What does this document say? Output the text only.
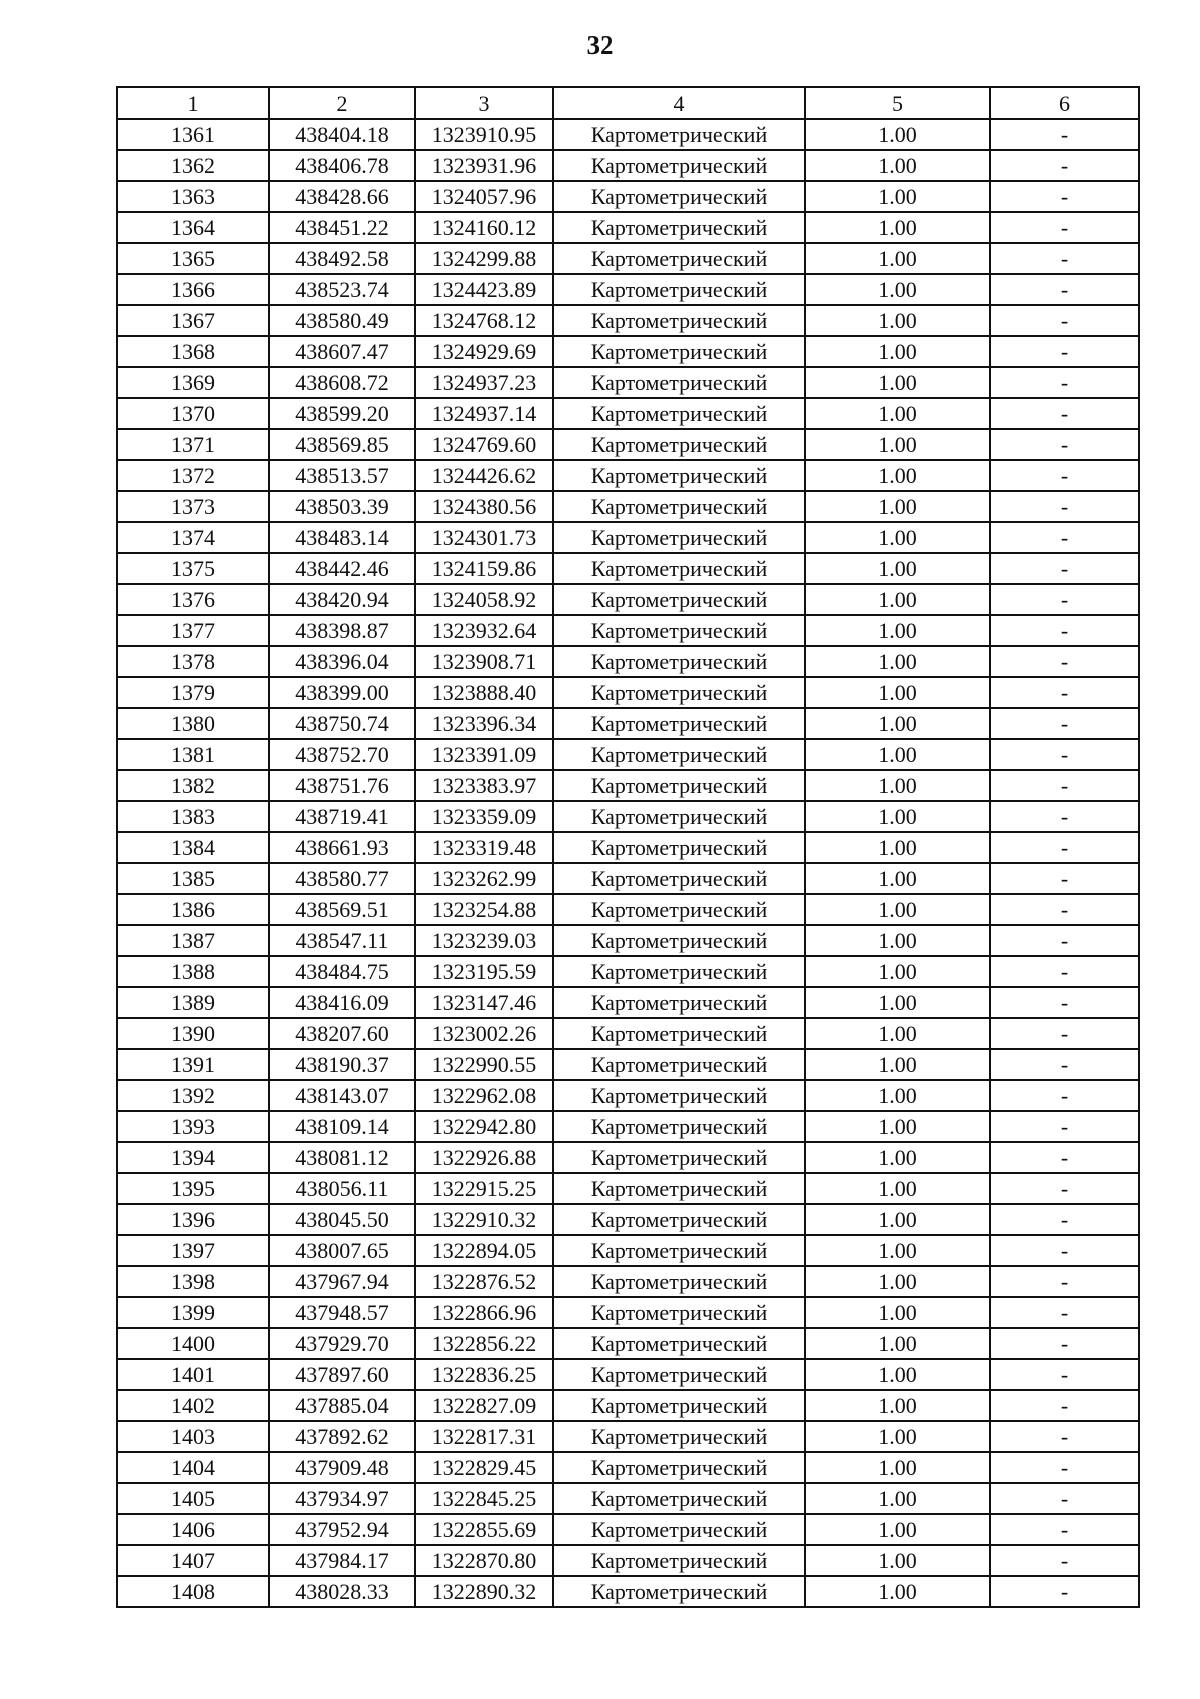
32
1	2	3	4	5	6
1361	438404.18	1323910.95	Картометрический	1.00	-
1362	438406.78	1323931.96	Картометрический	1.00	-
1363	438428.66	1324057.96	Картометрический	1.00	-
1364	438451.22	1324160.12	Картометрический	1.00	-
1365	438492.58	1324299.88	Картометрический	1.00	-
1366	438523.74	1324423.89	Картометрический	1.00	-
1367	438580.49	1324768.12	Картометрический	1.00	-
1368	438607.47	1324929.69	Картометрический	1.00	-
1369	438608.72	1324937.23	Картометрический	1.00	-
1370	438599.20	1324937.14	Картометрический	1.00	-
1371	438569.85	1324769.60	Картометрический	1.00	-
1372	438513.57	1324426.62	Картометрический	1.00	-
1373	438503.39	1324380.56	Картометрический	1.00	-
1374	438483.14	1324301.73	Картометрический	1.00	-
1375	438442.46	1324159.86	Картометрический	1.00	-
1376	438420.94	1324058.92	Картометрический	1.00	-
1377	438398.87	1323932.64	Картометрический	1.00	-
1378	438396.04	1323908.71	Картометрический	1.00	-
1379	438399.00	1323888.40	Картометрический	1.00	-
1380	438750.74	1323396.34	Картометрический	1.00	-
1381	438752.70	1323391.09	Картометрический	1.00	-
1382	438751.76	1323383.97	Картометрический	1.00	-
1383	438719.41	1323359.09	Картометрический	1.00	-
1384	438661.93	1323319.48	Картометрический	1.00	-
1385	438580.77	1323262.99	Картометрический	1.00	-
1386	438569.51	1323254.88	Картометрический	1.00	-
1387	438547.11	1323239.03	Картометрический	1.00	-
1388	438484.75	1323195.59	Картометрический	1.00	-
1389	438416.09	1323147.46	Картометрический	1.00	-
1390	438207.60	1323002.26	Картометрический	1.00	-
1391	438190.37	1322990.55	Картометрический	1.00	-
1392	438143.07	1322962.08	Картометрический	1.00	-
1393	438109.14	1322942.80	Картометрический	1.00	-
1394	438081.12	1322926.88	Картометрический	1.00	-
1395	438056.11	1322915.25	Картометрический	1.00	-
1396	438045.50	1322910.32	Картометрический	1.00	-
1397	438007.65	1322894.05	Картометрический	1.00	-
1398	437967.94	1322876.52	Картометрический	1.00	-
1399	437948.57	1322866.96	Картометрический	1.00	-
1400	437929.70	1322856.22	Картометрический	1.00	-
1401	437897.60	1322836.25	Картометрический	1.00	-
1402	437885.04	1322827.09	Картометрический	1.00	-
1403	437892.62	1322817.31	Картометрический	1.00	-
1404	437909.48	1322829.45	Картометрический	1.00	-
1405	437934.97	1322845.25	Картометрический	1.00	-
1406	437952.94	1322855.69	Картометрический	1.00	-
1407	437984.17	1322870.80	Картометрический	1.00	-
1408	438028.33	1322890.32	Картометрический	1.00	-
